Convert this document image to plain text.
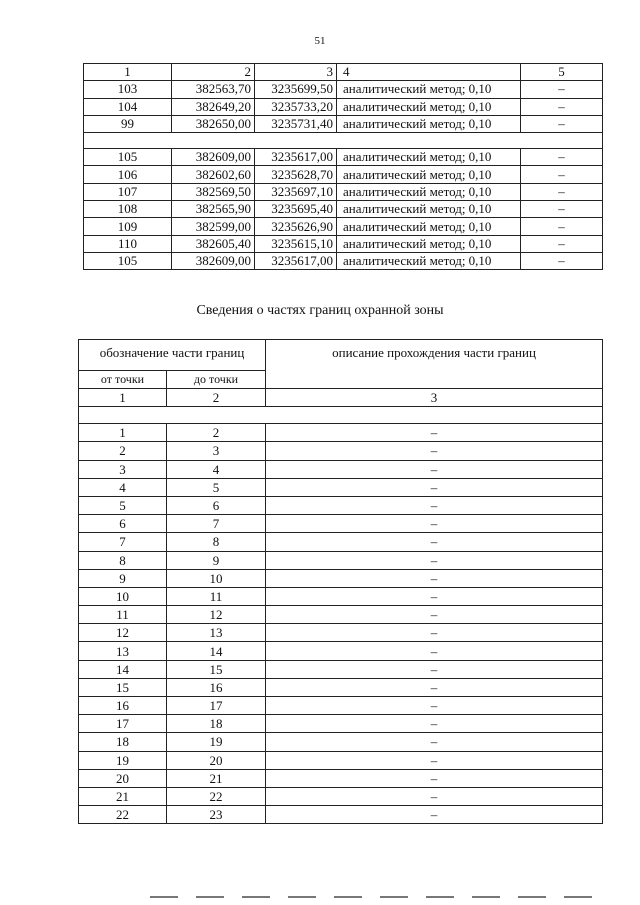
51
1	2	3	4	5
103	382563,70	3235699,50	аналитический метод; 0,10	–
104	382649,20	3235733,20	аналитический метод; 0,10	–
99	382650,00	3235731,40	аналитический метод; 0,10	–

105	382609,00	3235617,00	аналитический метод; 0,10	–
106	382602,60	3235628,70	аналитический метод; 0,10	–
107	382569,50	3235697,10	аналитический метод; 0,10	–
108	382565,90	3235695,40	аналитический метод; 0,10	–
109	382599,00	3235626,90	аналитический метод; 0,10	–
110	382605,40	3235615,10	аналитический метод; 0,10	–
105	382609,00	3235617,00	аналитический метод; 0,10	–
Сведения о частях границ охранной зоны
обозначение части границ		описание прохождения части границ
от точки	до точки	
1	2	3

1	2	–
2	3	–
3	4	–
4	5	–
5	6	–
6	7	–
7	8	–
8	9	–
9	10	–
10	11	–
11	12	–
12	13	–
13	14	–
14	15	–
15	16	–
16	17	–
17	18	–
18	19	–
19	20	–
20	21	–
21	22	–
22	23	–
